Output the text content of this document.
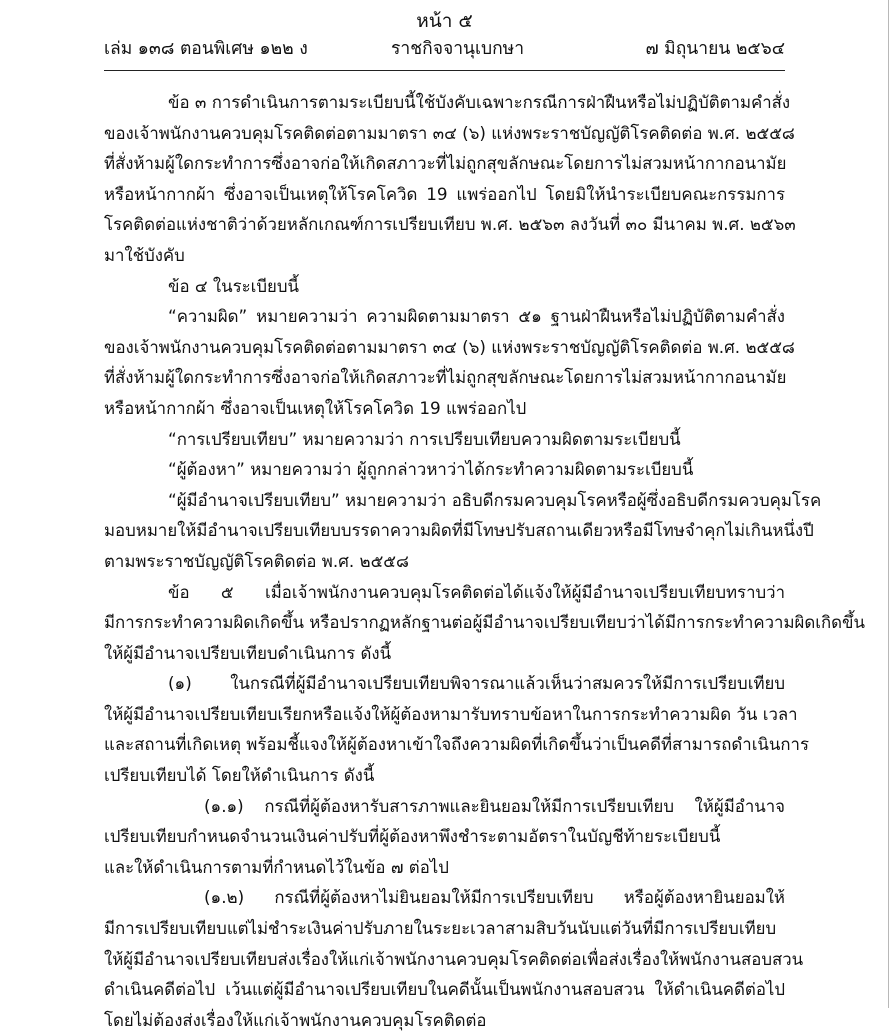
หน้า ๕
เล่ม ๑๓๘ ตอนพิเศษ ๑๒๒ ง	ราชกิจจานุเบกษา	๗ มิถุนายน ๒๕๖๔

ข้อ ๓ การดำเนินการตามระเบียบนี้ใช้บังคับเฉพาะกรณีการฝ่าฝืนหรือไม่ปฏิบัติตามคำสั่ง
ของเจ้าพนักงานควบคุมโรคติดต่อตามมาตรา ๓๔ (๖) แห่งพระราชบัญญัติโรคติดต่อ พ.ศ. ๒๕๕๘
ที่สั่งห้ามผู้ใดกระทำการซึ่งอาจก่อให้เกิดสภาวะที่ไม่ถูกสุขลักษณะโดยการไม่สวมหน้ากากอนามัย
หรือหน้ากากผ้า ซึ่งอาจเป็นเหตุให้โรคโควิด 19 แพร่ออกไป โดยมิให้นำระเบียบคณะกรรมการ
โรคติดต่อแห่งชาติว่าด้วยหลักเกณฑ์การเปรียบเทียบ พ.ศ. ๒๕๖๓ ลงวันที่ ๓๐ มีนาคม พ.ศ. ๒๕๖๓
มาใช้บังคับ

ข้อ ๔ ในระเบียบนี้

“ความผิด” หมายความว่า ความผิดตามมาตรา ๕๑ ฐานฝ่าฝืนหรือไม่ปฏิบัติตามคำสั่ง
ของเจ้าพนักงานควบคุมโรคติดต่อตามมาตรา ๓๔ (๖) แห่งพระราชบัญญัติโรคติดต่อ พ.ศ. ๒๕๕๘
ที่สั่งห้ามผู้ใดกระทำการซึ่งอาจก่อให้เกิดสภาวะที่ไม่ถูกสุขลักษณะโดยการไม่สวมหน้ากากอนามัย
หรือหน้ากากผ้า ซึ่งอาจเป็นเหตุให้โรคโควิด 19 แพร่ออกไป

“การเปรียบเทียบ” หมายความว่า การเปรียบเทียบความผิดตามระเบียบนี้

“ผู้ต้องหา” หมายความว่า ผู้ถูกกล่าวหาว่าได้กระทำความผิดตามระเบียบนี้

“ผู้มีอำนาจเปรียบเทียบ” หมายความว่า อธิบดีกรมควบคุมโรคหรือผู้ซึ่งอธิบดีกรมควบคุมโรค
มอบหมายให้มีอำนาจเปรียบเทียบบรรดาความผิดที่มีโทษปรับสถานเดียวหรือมีโทษจำคุกไม่เกินหนึ่งปี
ตามพระราชบัญญัติโรคติดต่อ พ.ศ. ๒๕๕๘

ข้อ ๕ เมื่อเจ้าพนักงานควบคุมโรคติดต่อได้แจ้งให้ผู้มีอำนาจเปรียบเทียบทราบว่า
มีการกระทำความผิดเกิดขึ้น หรือปรากฏหลักฐานต่อผู้มีอำนาจเปรียบเทียบว่าได้มีการกระทำความผิดเกิดขึ้น
ให้ผู้มีอำนาจเปรียบเทียบดำเนินการ ดังนี้

(๑) ในกรณีที่ผู้มีอำนาจเปรียบเทียบพิจารณาแล้วเห็นว่าสมควรให้มีการเปรียบเทียบ
ให้ผู้มีอำนาจเปรียบเทียบเรียกหรือแจ้งให้ผู้ต้องหามารับทราบข้อหาในการกระทำความผิด วัน เวลา
และสถานที่เกิดเหตุ พร้อมชี้แจงให้ผู้ต้องหาเข้าใจถึงความผิดที่เกิดขึ้นว่าเป็นคดีที่สามารถดำเนินการ
เปรียบเทียบได้ โดยให้ดำเนินการ ดังนี้

(๑.๑) กรณีที่ผู้ต้องหารับสารภาพและยินยอมให้มีการเปรียบเทียบ ให้ผู้มีอำนาจ
เปรียบเทียบกำหนดจำนวนเงินค่าปรับที่ผู้ต้องหาพึงชำระตามอัตราในบัญชีท้ายระเบียบนี้
และให้ดำเนินการตามที่กำหนดไว้ในข้อ ๗ ต่อไป

(๑.๒) กรณีที่ผู้ต้องหาไม่ยินยอมให้มีการเปรียบเทียบ หรือผู้ต้องหายินยอมให้
มีการเปรียบเทียบแต่ไม่ชำระเงินค่าปรับภายในระยะเวลาสามสิบวันนับแต่วันที่มีการเปรียบเทียบ
ให้ผู้มีอำนาจเปรียบเทียบส่งเรื่องให้แก่เจ้าพนักงานควบคุมโรคติดต่อเพื่อส่งเรื่องให้พนักงานสอบสวน
ดำเนินคดีต่อไป เว้นแต่ผู้มีอำนาจเปรียบเทียบในคดีนั้นเป็นพนักงานสอบสวน ให้ดำเนินคดีต่อไป
โดยไม่ต้องส่งเรื่องให้แก่เจ้าพนักงานควบคุมโรคติดต่อ
